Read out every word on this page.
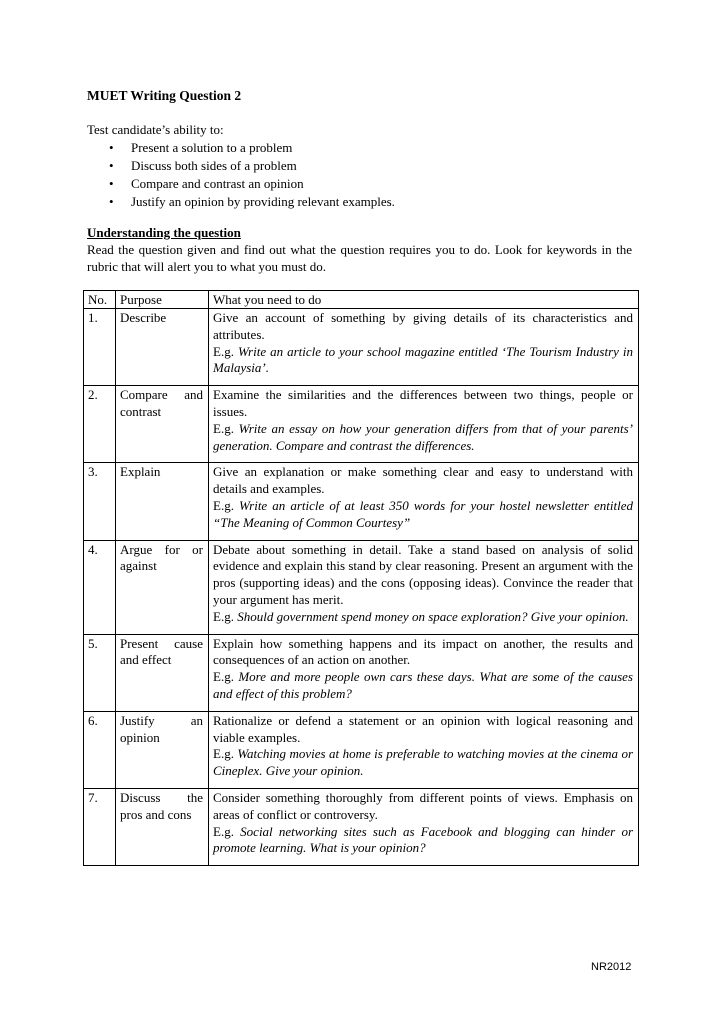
MUET Writing Question 2
Test candidate’s ability to:
• Present a solution to a problem
• Discuss both sides of a problem
• Compare and contrast an opinion
• Justify an opinion by providing relevant examples.
Understanding the question
Read the question given and find out what the question requires you to do. Look for keywords in the rubric that will alert you to what you must do.
No.	Purpose	What you need to do
1.	Describe	Give an account of something by giving details of its characteristics and attributes.
E.g. Write an article to your school magazine entitled ‘The Tourism Industry in Malaysia’.

2.	Compare and contrast	Examine the similarities and the differences between two things, people or issues.
E.g. Write an essay on how your generation differs from that of your parents’ generation. Compare and contrast the differences.

3.	Explain	Give an explanation or make something clear and easy to understand with details and examples.
E.g. Write an article of at least 350 words for your hostel newsletter entitled “The Meaning of Common Courtesy”

4.	Argue for or against	Debate about something in detail. Take a stand based on analysis of solid evidence and explain this stand by clear reasoning. Present an argument with the pros (supporting ideas) and the cons (opposing ideas). Convince the reader that your argument has merit.
E.g. Should government spend money on space exploration? Give your opinion.

5.	Present cause and effect	Explain how something happens and its impact on another, the results and consequences of an action on another.
E.g. More and more people own cars these days. What are some of the causes and effect of this problem?

6.	Justify an opinion	Rationalize or defend a statement or an opinion with logical reasoning and viable examples.
E.g. Watching movies at home is preferable to watching movies at the cinema or Cineplex. Give your opinion.

7.	Discuss the pros and cons	Consider something thoroughly from different points of views. Emphasis on areas of conflict or controversy.
E.g. Social networking sites such as Facebook and blogging can hinder or promote learning. What is your opinion?
NR2012
